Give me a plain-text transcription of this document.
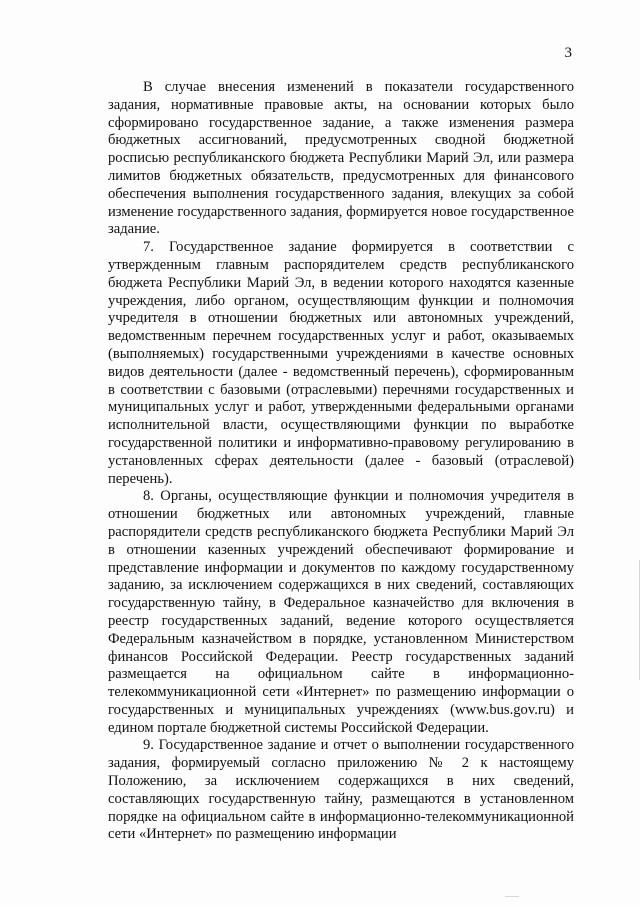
3

В случае внесения изменений в показатели государственного задания, нормативные правовые акты, на основании которых было сформировано государственное задание, а также изменения размера бюджетных ассигнований, предусмотренных сводной бюджетной росписью республиканского бюджета Республики Марий Эл, или размера лимитов бюджетных обязательств, предусмотренных для финансового обеспечения выполнения государственного задания, влекущих за собой изменение государственного задания, формируется новое государственное задание.

7. Государственное задание формируется в соответствии с утвержденным главным распорядителем средств республиканского бюджета Республики Марий Эл, в ведении которого находятся казенные учреждения, либо органом, осуществляющим функции и полномочия учредителя в отношении бюджетных или автономных учреждений, ведомственным перечнем государственных услуг и работ, оказываемых (выполняемых) государственными учреждениями в качестве основных видов деятельности (далее - ведомственный перечень), сформированным в соответствии с базовыми (отраслевыми) перечнями государственных и муниципальных услуг и работ, утвержденными федеральными органами исполнительной власти, осуществляющими функции по выработке государственной политики и информативно-правовому регулированию в установленных сферах деятельности (далее - базовый (отраслевой) перечень).

8. Органы, осуществляющие функции и полномочия учредителя в отношении бюджетных или автономных учреждений, главные распорядители средств республиканского бюджета Республики Марий Эл в отношении казенных учреждений обеспечивают формирование и представление информации и документов по каждому государственному заданию, за исключением содержащихся в них сведений, составляющих государственную тайну, в Федеральное казначейство для включения в реестр государственных заданий, ведение которого осуществляется Федеральным казначейством в порядке, установленном Министерством финансов Российской Федерации. Реестр государственных заданий размещается на официальном сайте в информационно-телекоммуникационной сети «Интернет» по размещению информации о государственных и муниципальных учреждениях (www.bus.gov.ru) и едином портале бюджетной системы Российской Федерации.

9. Государственное задание и отчет о выполнении государственного задания, формируемый согласно приложению № 2 к настоящему Положению, за исключением содержащихся в них сведений, составляющих государственную тайну, размещаются в установленном порядке на официальном сайте в информационно-телекоммуникационной сети «Интернет» по размещению информации
